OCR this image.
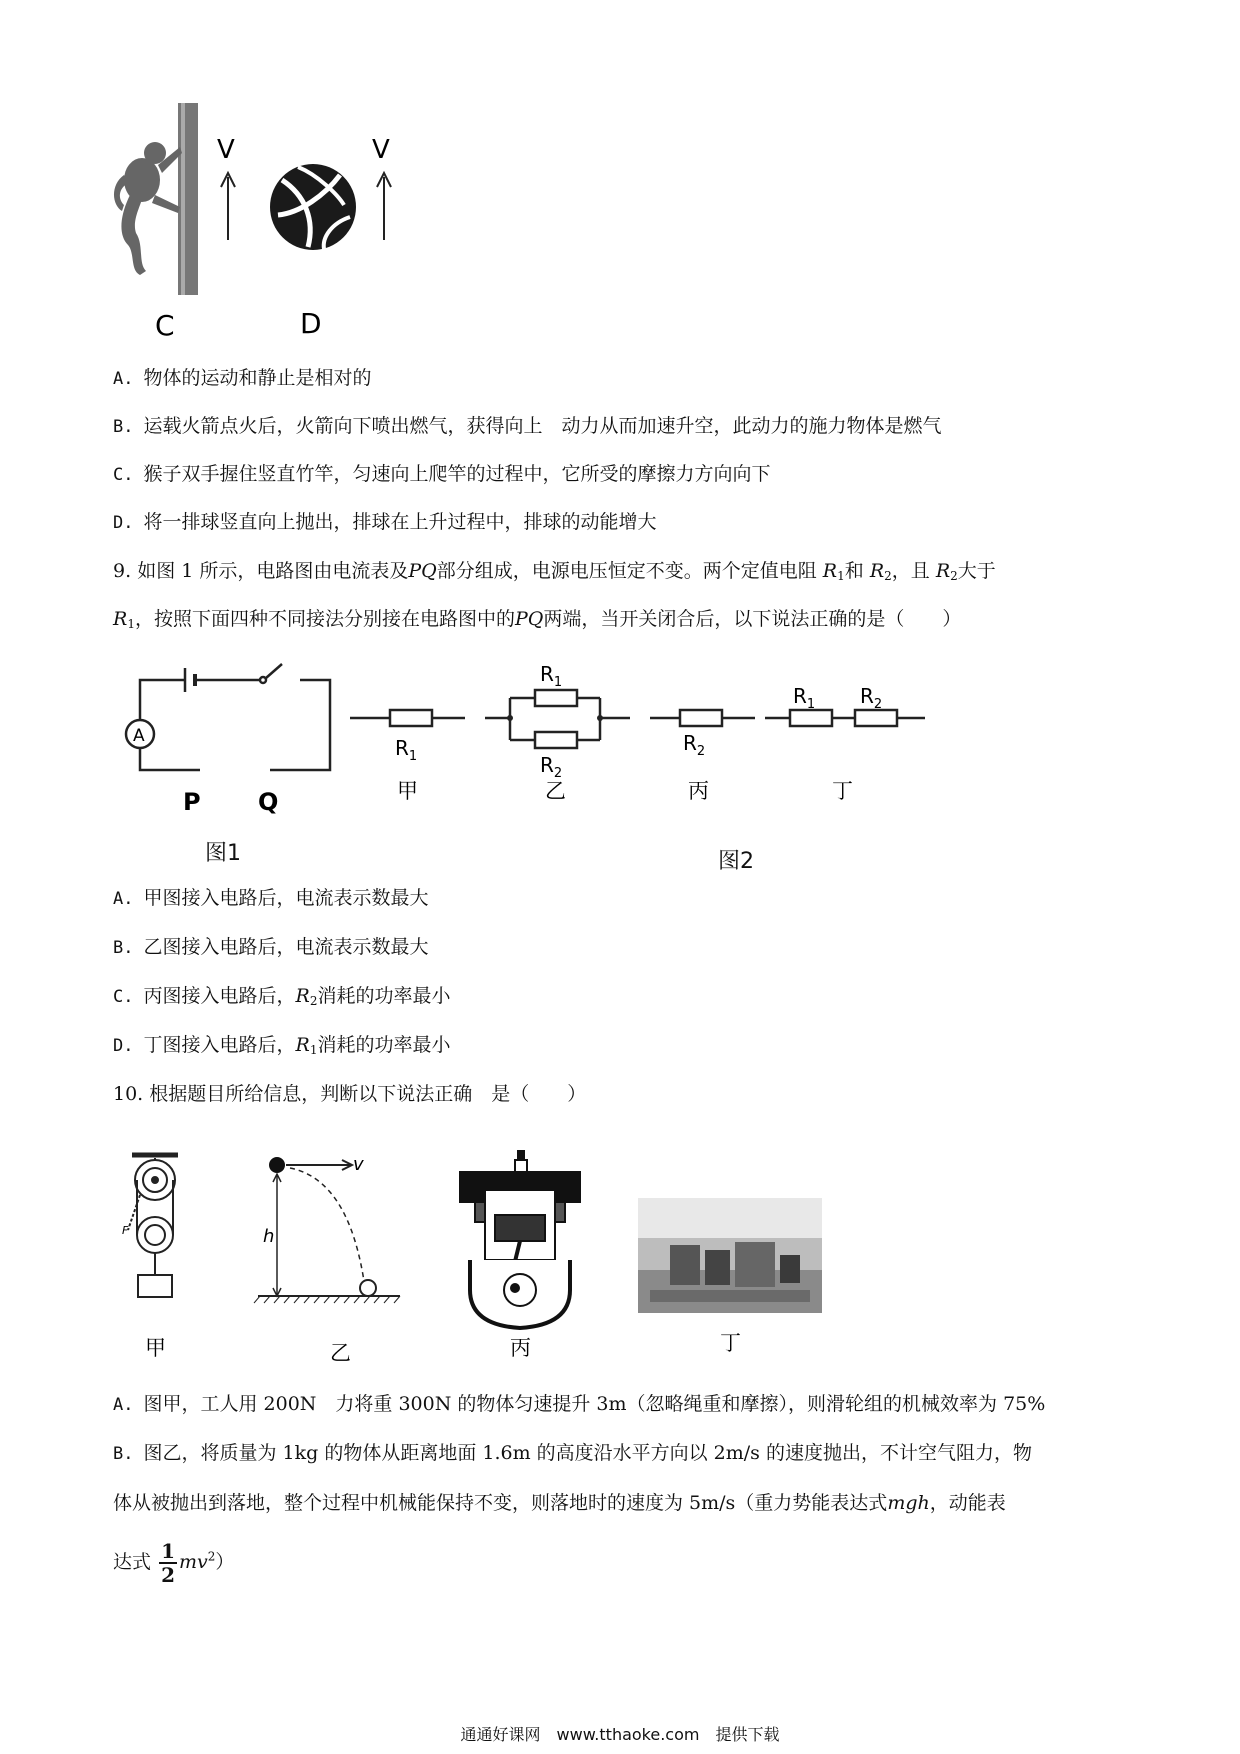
V	V
C	D
A. 物体的运动和静止是相对的
B. 运载火箭点火后，火箭向下喷出燃气，获得向上　动力从而加速升空，此动力的施力物体是燃气
C. 猴子双手握住竖直竹竿，匀速向上爬竿的过程中，它所受的摩擦力方向向下
D. 将一排球竖直向上抛出，排球在上升过程中，排球的动能增大
9. 如图 1 所示，电路图由电流表及PQ部分组成，电源电压恒定不变。两个定值电阻 $R_1$和 $R_2$，且 $R_2$大于
$R_1$，按照下面四种不同接法分别接在电路图中的PQ两端，当开关闭合后，以下说法正确的是（　　）
A
P Q
图1
$R_1$
$R_1$
$R_2$
$R_2$
$R_1$ $R_2$
甲	乙	丙	丁
图2
A. 甲图接入电路后，电流表示数最大
B. 乙图接入电路后，电流表示数最大
C. 丙图接入电路后，$R_2$消耗的功率最小
D. 丁图接入电路后，$R_1$消耗的功率最小
10. 根据题目所给信息，判断以下说法正确　是（　　）
F
v
h
甲	乙	丙	丁
A. 图甲，工人用 200N　力将重 300N 的物体匀速提升 3m（忽略绳重和摩擦），则滑轮组的机械效率为 75%
B. 图乙，将质量为 1kg 的物体从距离地面 1.6m 的高度沿水平方向以 2m/s 的速度抛出，不计空气阻力，物
体从被抛出到落地，整个过程中机械能保持不变，则落地时的速度为 5m/s（重力势能表达式mgh，动能表
达式 $\frac{1}{2} mv^2$）
通通好课网　www.tthaoke.com　提供下载
